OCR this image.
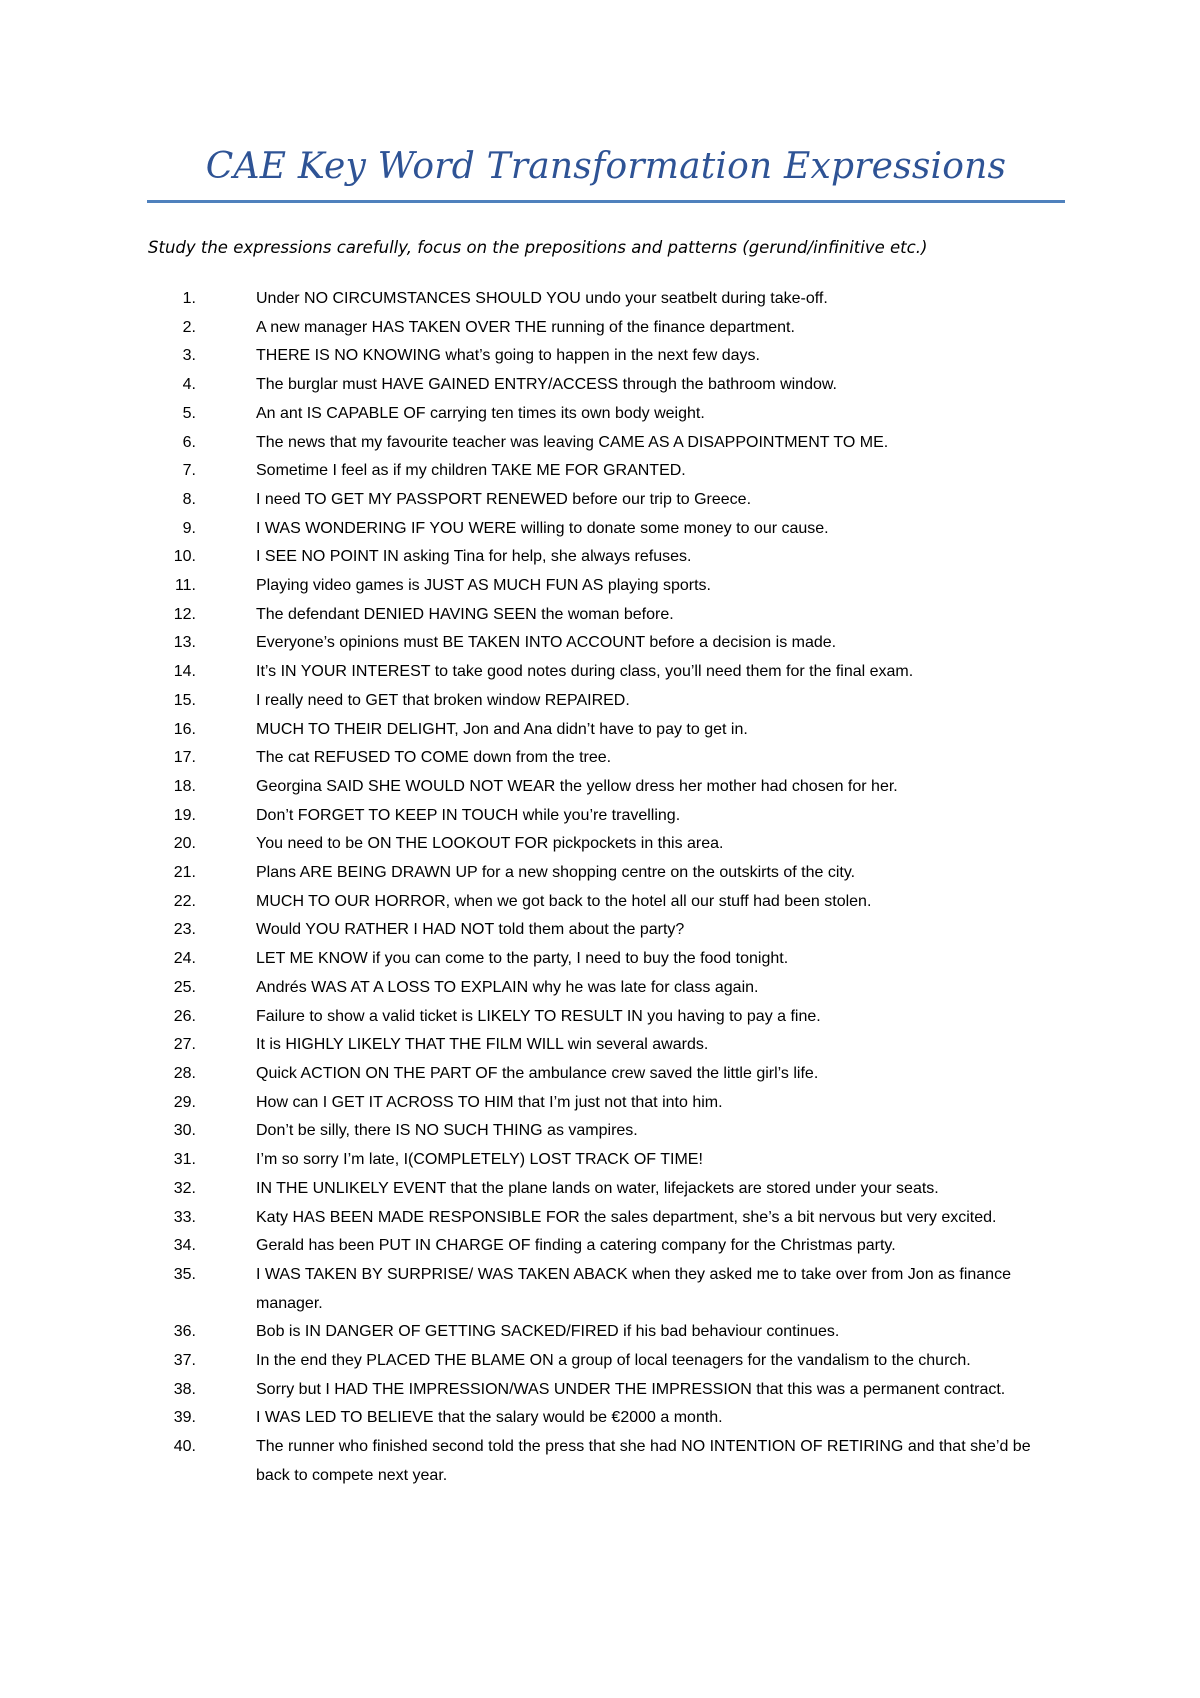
CAE Key Word Transformation Expressions
Study the expressions carefully, focus on the prepositions and patterns (gerund/infinitive etc.)
1.	Under NO CIRCUMSTANCES SHOULD YOU undo your seatbelt during take-off.
2.	A new manager HAS TAKEN OVER THE running of the finance department.
3.	THERE IS NO KNOWING what’s going to happen in the next few days.
4.	The burglar must HAVE GAINED ENTRY/ACCESS through the bathroom window.
5.	An ant IS CAPABLE OF carrying ten times its own body weight.
6.	The news that my favourite teacher was leaving CAME AS A DISAPPOINTMENT TO ME.
7.	Sometime I feel as if my children TAKE ME FOR GRANTED.
8.	I need TO GET MY PASSPORT RENEWED before our trip to Greece.
9.	I WAS WONDERING IF YOU WERE willing to donate some money to our cause.
10.	I SEE NO POINT IN asking Tina for help, she always refuses.
11.	Playing video games is JUST AS MUCH FUN AS playing sports.
12.	The defendant DENIED HAVING SEEN the woman before.
13.	Everyone’s opinions must BE TAKEN INTO ACCOUNT before a decision is made.
14.	It’s IN YOUR INTEREST to take good notes during class, you’ll need them for the final exam.
15.	I really need to GET that broken window REPAIRED.
16.	MUCH TO THEIR DELIGHT, Jon and Ana didn’t have to pay to get in.
17.	The cat REFUSED TO COME down from the tree.
18.	Georgina SAID SHE WOULD NOT WEAR the yellow dress her mother had chosen for her.
19.	Don’t FORGET TO KEEP IN TOUCH while you’re travelling.
20.	You need to be ON THE LOOKOUT FOR pickpockets in this area.
21.	Plans ARE BEING DRAWN UP for a new shopping centre on the outskirts of the city.
22.	MUCH TO OUR HORROR, when we got back to the hotel all our stuff had been stolen.
23.	Would YOU RATHER I HAD NOT told them about the party?
24.	LET ME KNOW if you can come to the party, I need to buy the food tonight.
25.	Andrés WAS AT A LOSS TO EXPLAIN why he was late for class again.
26.	Failure to show a valid ticket is LIKELY TO RESULT IN you having to pay a fine.
27.	It is HIGHLY LIKELY THAT THE FILM WILL win several awards.
28.	Quick ACTION ON THE PART OF the ambulance crew saved the little girl’s life.
29.	How can I GET IT ACROSS TO HIM that I’m just not that into him.
30.	Don’t be silly, there IS NO SUCH THING as vampires.
31.	I’m so sorry I’m late, I(COMPLETELY) LOST TRACK OF TIME!
32.	IN THE UNLIKELY EVENT that the plane lands on water, lifejackets are stored under your seats.
33.	Katy HAS BEEN MADE RESPONSIBLE FOR the sales department, she’s a bit nervous but very excited.
34.	Gerald has been PUT IN CHARGE OF finding a catering company for the Christmas party.
35.	I WAS TAKEN BY SURPRISE/ WAS TAKEN ABACK when they asked me to take over from Jon as finance manager.
36.	Bob is IN DANGER OF GETTING SACKED/FIRED if his bad behaviour continues.
37.	In the end they PLACED THE BLAME ON a group of local teenagers for the vandalism to the church.
38.	Sorry but I HAD THE IMPRESSION/WAS UNDER THE IMPRESSION that this was a permanent contract.
39.	I WAS LED TO BELIEVE that the salary would be €2000 a month.
40.	The runner who finished second told the press that she had NO INTENTION OF RETIRING and that she’d be back to compete next year.
